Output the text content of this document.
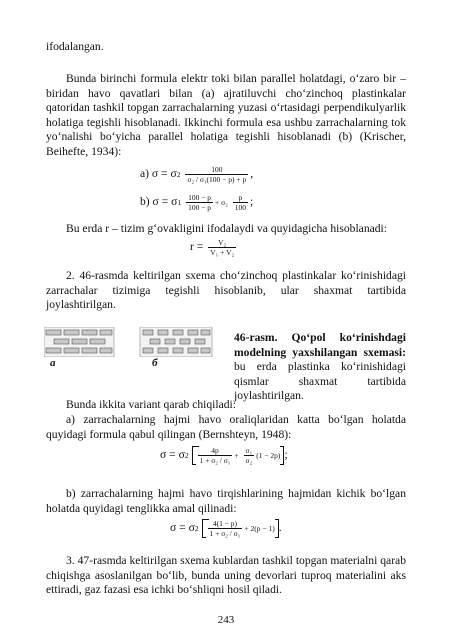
ifodalangan.

Bunda birinchi formula elektr toki bilan parallel holatdagi, o‘zaro bir – biridan havo qavatlari bilan (a) ajratiluvchi cho‘zinchoq plastinkalar qatoridan tashkil topgan zarrachalarning yuzasi o‘rtasidagi perpendikulyarlik holatiga tegishli hisoblanadi. Ikkinchi formula esa ushbu zarrachalarning tok yo‘nalishi bo‘yicha parallel holatiga tegishli hisoblanadi (b) (Krischer, Beihefte, 1934):

a) $\sigma = \sigma 2 \frac{100}{\text{σ₂ / σ₁(100 − p) + p}}$ ,
b) $\sigma = \sigma 1 \frac{100 - p}{100 - p} + \sigma_2 \frac{p}{100}$ ;

Bu erda r – tizim g‘ovakligini ifodalaydi va quyidagicha hisoblanadi:

$r = \frac{\text{V₂}}{\text{V₁ + V₂}}$

2. 46-rasmda keltirilgan sxema cho‘zinchoq plastinkalar ko‘rinishidagi zarrachalar tizimiga tegishli hisoblanib, ular shaxmat tartibida joylashtirilgan.

a	б
46-rasm. Qo‘pol ko‘rinishdagi modelning yaxshilangan sxemasi: bu erda plastinka ko‘rinishidagi qismlar shaxmat tartibida joylashtirilgan.

Bunda ikkita variant qarab chiqiladi:

a) zarrachalarning hajmi havo oraliqlaridan katta bo‘lgan holatda quyidagi formula qabul qilingan (Bernshteyn, 1948):

$\sigma = \sigma 2 \frac{4p}{\text{1 + σ₂ / σ₁}} + \frac{\text{σ₁}}{\text{σ₂}} (1 - 2p)$ ;

b) zarrachalarning hajmi havo tirqishlarining hajmidan kichik bo‘lgan holatda quyidagi tenglikka amal qilinadi:

$\sigma = \sigma 2 \frac{4(1 - p)}{\text{1 + σ₂ / σ₁}} + 2(p - 1)$ .

3. 47-rasmda keltirilgan sxema kublardan tashkil topgan materialni qarab chiqishga asoslanilgan bo‘lib, bunda uning devorlari tuproq materialini aks ettiradi, gaz fazasi esa ichki bo‘shliqni hosil qiladi.

243
